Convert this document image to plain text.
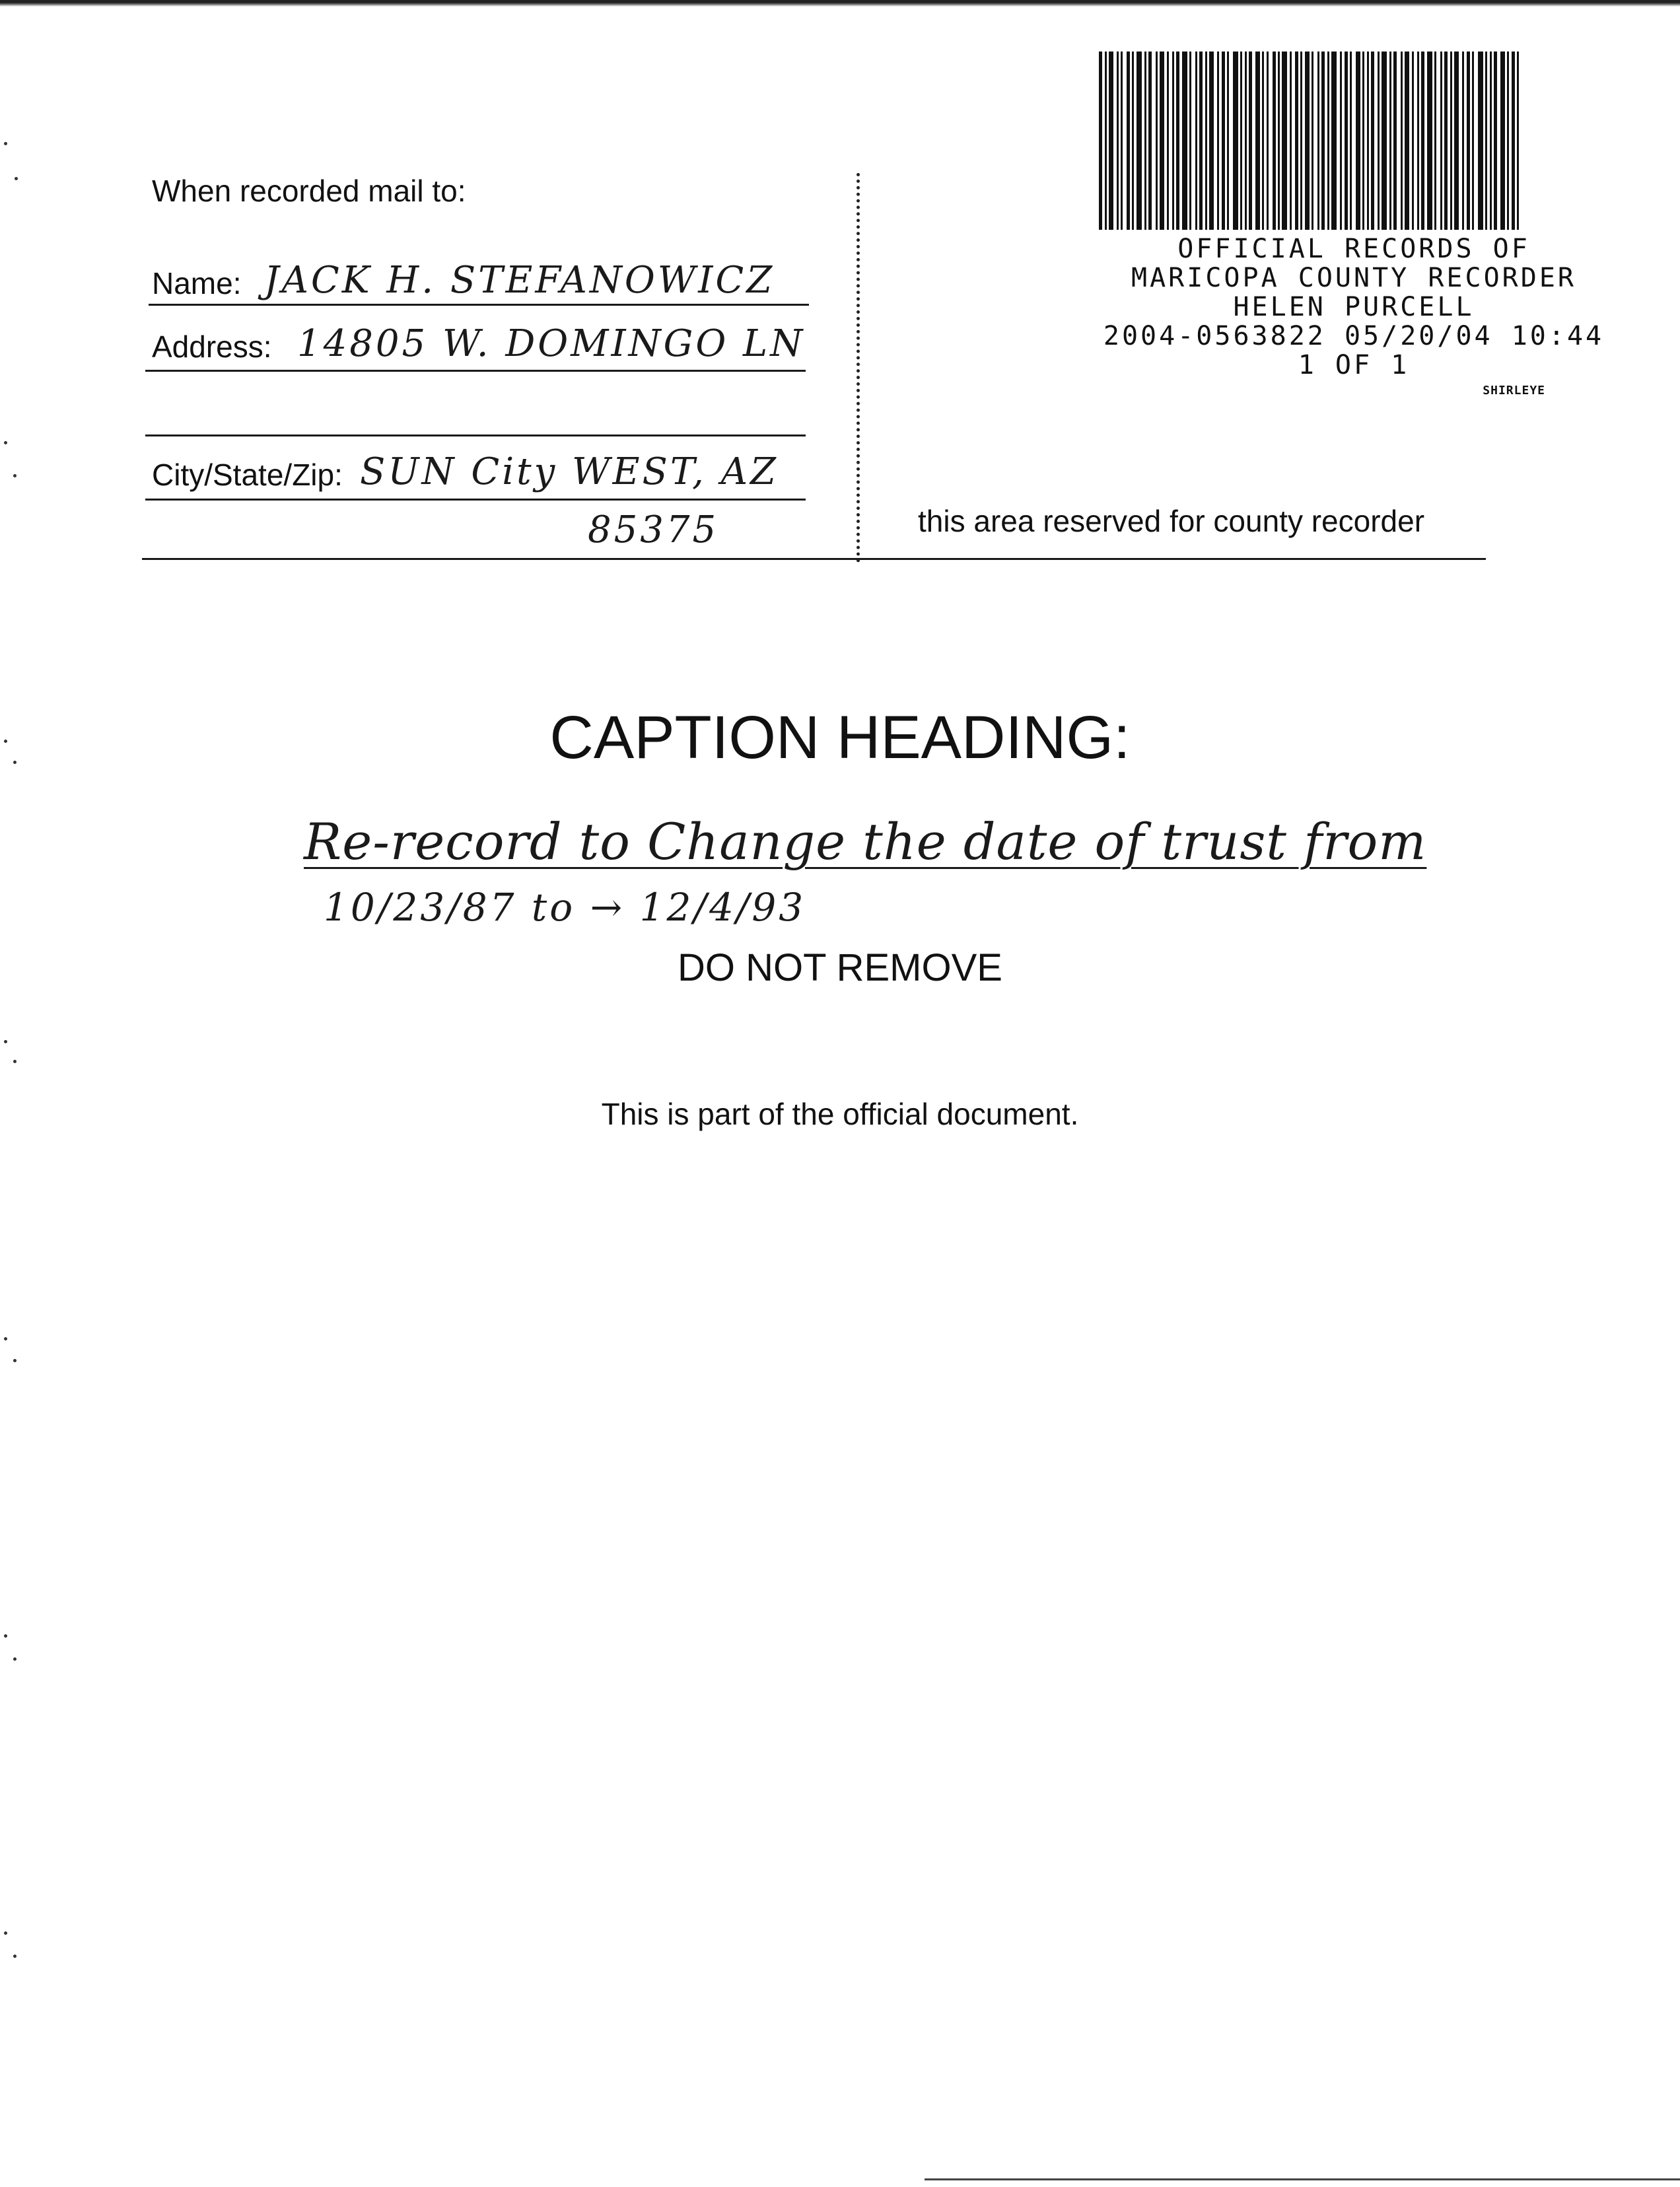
When recorded mail to:
Name: JACK H. STEFANOWICZ
Address: 14805 W. DOMINGO LN
City/State/Zip: SUN City WEST, AZ
85375
OFFICIAL RECORDS OF
MARICOPA COUNTY RECORDER
HELEN PURCELL
2004-0563822 05/20/04 10:44
1 OF 1
SHIRLEYE
this area reserved for county recorder
CAPTION HEADING:
Re-record to Change the date of trust from
10/23/87 to → 12/4/93
DO NOT REMOVE
This is part of the official document.
